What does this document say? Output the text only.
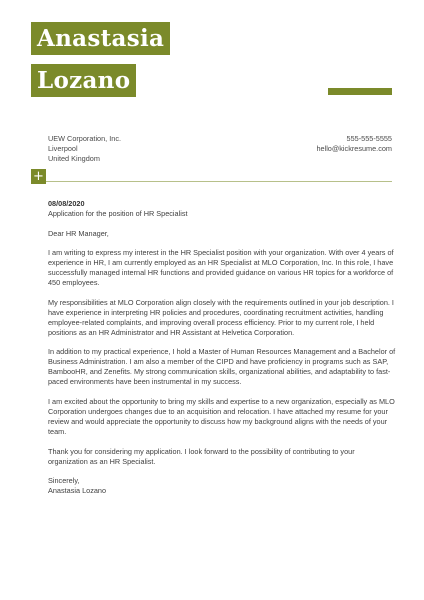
Anastasia
Lozano
UEW Corporation, Inc.
Liverpool
United Kingdom
555-555-5555
hello@kickresume.com
+
08/08/2020

Application for the position of HR Specialist

Dear HR Manager,

I am writing to express my interest in the HR Specialist position with your organization. With over 4 years of experience in HR, I am currently employed as an HR Specialist at MLO Corporation, Inc. In this role, I have successfully managed internal HR functions and provided guidance on various HR topics for a workforce of 450 employees.

My responsibilities at MLO Corporation align closely with the requirements outlined in your job description. I have experience in interpreting HR policies and procedures, coordinating recruitment activities, handling employee-related complaints, and improving overall process efficiency. Prior to my current role, I held positions as an HR Administrator and HR Assistant at Helvetica Corporation.

In addition to my practical experience, I hold a Master of Human Resources Management and a Bachelor of Business Administration. I am also a member of the CIPD and have proficiency in programs such as SAP, BambooHR, and Zenefits. My strong communication skills, organizational abilities, and adaptability to fast-paced environments have been instrumental in my success.

I am excited about the opportunity to bring my skills and expertise to a new organization, especially as MLO Corporation undergoes changes due to an acquisition and relocation. I have attached my resume for your review and would appreciate the opportunity to discuss how my background aligns with the needs of your team.

Thank you for considering my application. I look forward to the possibility of contributing to your organization as an HR Specialist.

Sincerely,

Anastasia Lozano
